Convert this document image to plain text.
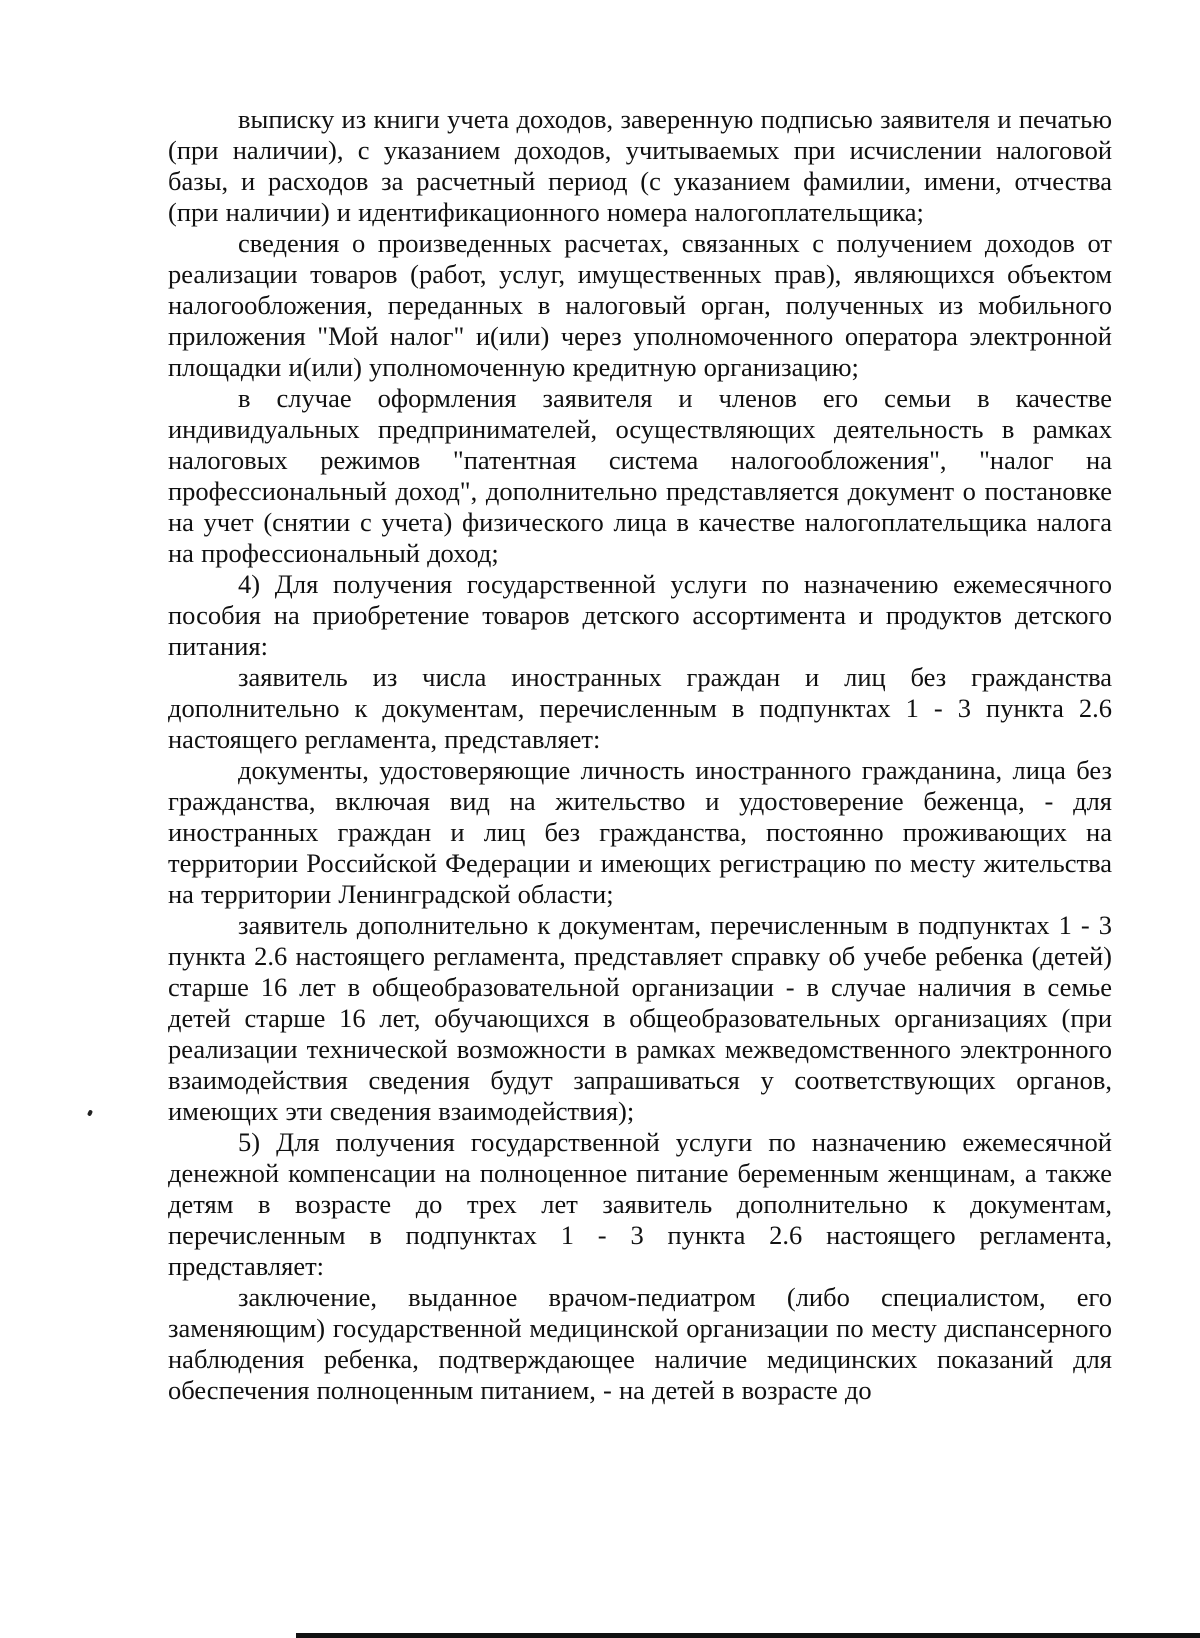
выписку из книги учета доходов, заверенную подписью заявителя и печатью (при наличии), с указанием доходов, учитываемых при исчислении налоговой базы, и расходов за расчетный период (с указанием фамилии, имени, отчества (при наличии) и идентификационного номера налогоплательщика;

сведения о произведенных расчетах, связанных с получением доходов от реализации товаров (работ, услуг, имущественных прав), являющихся объектом налогообложения, переданных в налоговый орган, полученных из мобильного приложения "Мой налог" и(или) через уполномоченного оператора электронной площадки и(или) уполномоченную кредитную организацию;

в случае оформления заявителя и членов его семьи в качестве индивидуальных предпринимателей, осуществляющих деятельность в рамках налоговых режимов "патентная система налогообложения", "налог на профессиональный доход", дополнительно представляется документ о постановке на учет (снятии с учета) физического лица в качестве налогоплательщика налога на профессиональный доход;

4) Для получения государственной услуги по назначению ежемесячного пособия на приобретение товаров детского ассортимента и продуктов детского питания:

заявитель из числа иностранных граждан и лиц без гражданства дополнительно к документам, перечисленным в подпунктах 1 - 3 пункта 2.6 настоящего регламента, представляет:

документы, удостоверяющие личность иностранного гражданина, лица без гражданства, включая вид на жительство и удостоверение беженца, - для иностранных граждан и лиц без гражданства, постоянно проживающих на территории Российской Федерации и имеющих регистрацию по месту жительства на территории Ленинградской области;

заявитель дополнительно к документам, перечисленным в подпунктах 1 - 3 пункта 2.6 настоящего регламента, представляет справку об учебе ребенка (детей) старше 16 лет в общеобразовательной организации - в случае наличия в семье детей старше 16 лет, обучающихся в общеобразовательных организациях (при реализации технической возможности в рамках межведомственного электронного взаимодействия сведения будут запрашиваться у соответствующих органов, имеющих эти сведения взаимодействия);

5) Для получения государственной услуги по назначению ежемесячной денежной компенсации на полноценное питание беременным женщинам, а также детям в возрасте до трех лет заявитель дополнительно к документам, перечисленным в подпунктах 1 - 3 пункта 2.6 настоящего регламента, представляет:

заключение, выданное врачом-педиатром (либо специалистом, его заменяющим) государственной медицинской организации по месту диспансерного наблюдения ребенка, подтверждающее наличие медицинских показаний для обеспечения полноценным питанием, - на детей в возрасте до
